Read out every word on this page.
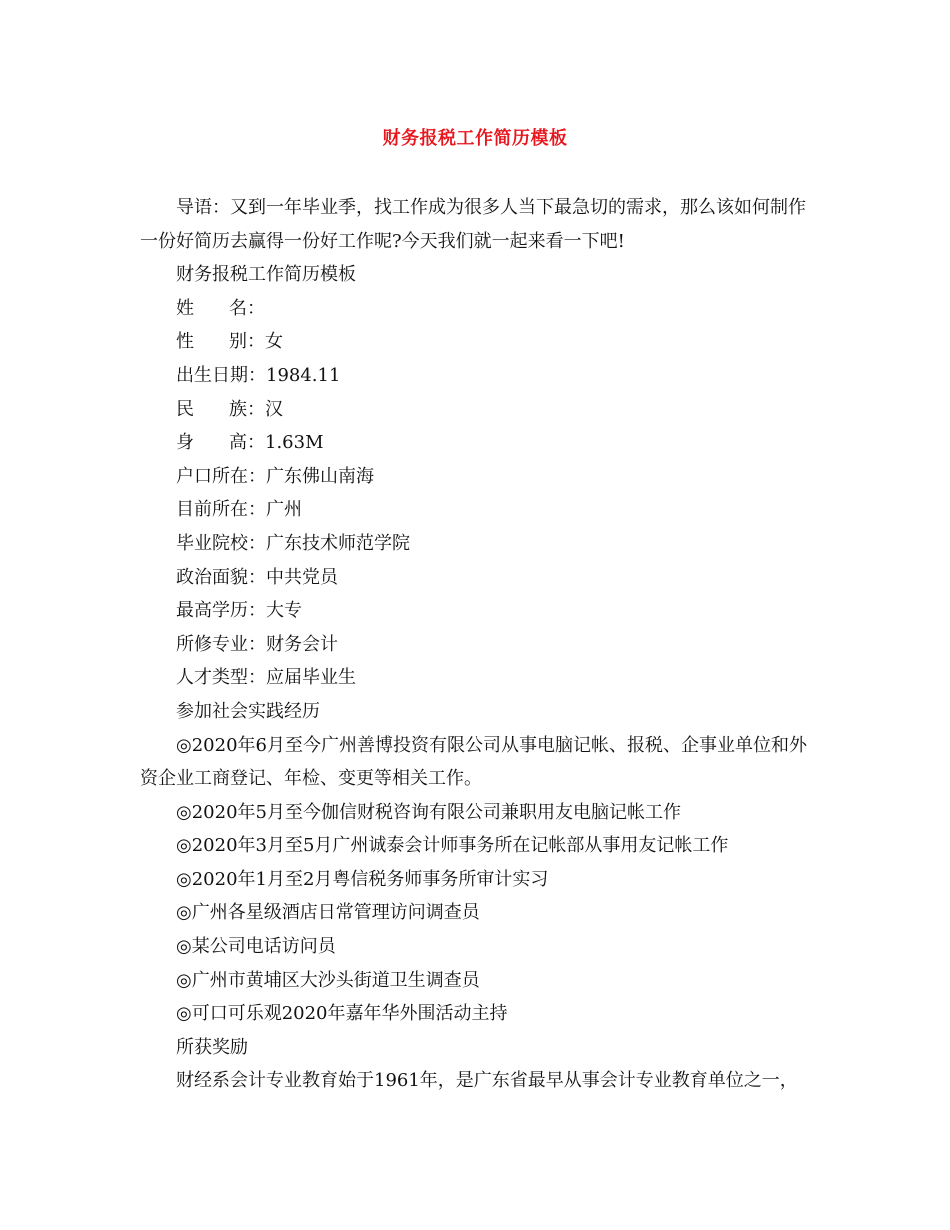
财务报税工作简历模板

导语：又到一年毕业季，找工作成为很多人当下最急切的需求，那么该如何制作一份好简历去赢得一份好工作呢?今天我们就一起来看一下吧!

财务报税工作简历模板

姓 名 ：

性 别 ：女

出生日期：1984.11

民 族 ：汉

身 高 ：1.63M

户口所在：广东佛山南海

目前所在：广州

毕业院校：广东技术师范学院

政治面貌：中共党员

最高学历：大专

所修专业：财务会计

人才类型：应届毕业生

参加社会实践经历

◎2020年6月至今广州善博投资有限公司从事电脑记帐、报税、企事业单位和外资企业工商登记、年检、变更等相关工作。

◎2020年5月至今伽信财税咨询有限公司兼职用友电脑记帐工作

◎2020年3月至5月广州诚泰会计师事务所在记帐部从事用友记帐工作

◎2020年1月至2月粤信税务师事务所审计实习

◎广州各星级酒店日常管理访问调查员

◎某公司电话访问员

◎广州市黄埔区大沙头街道卫生调查员

◎可口可乐观2020年嘉年华外围活动主持

所获奖励

财经系会计专业教育始于1961年，是广东省最早从事会计专业教育单位之一，
